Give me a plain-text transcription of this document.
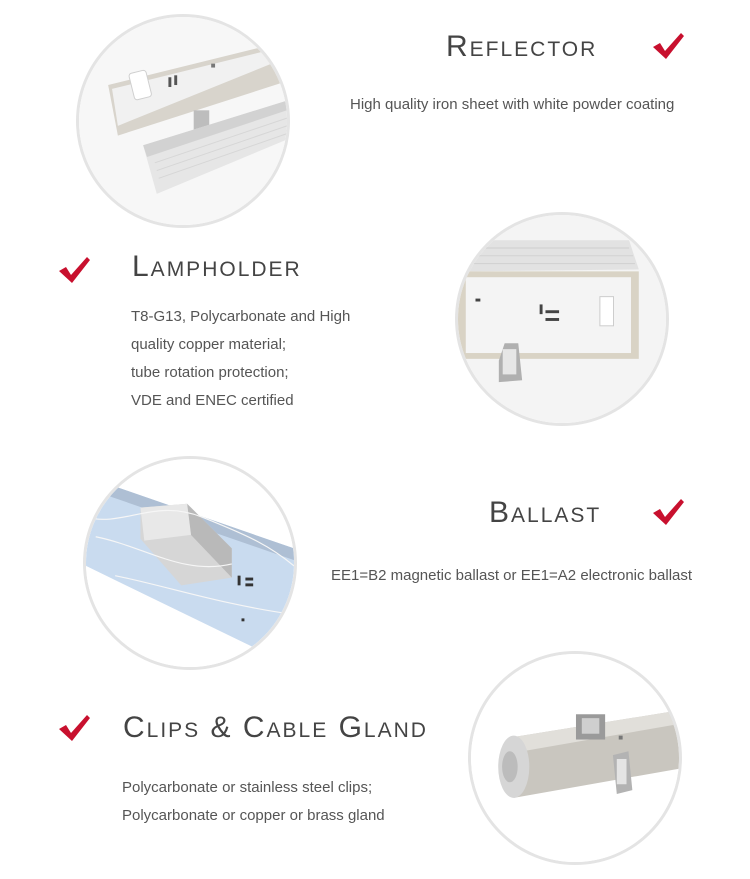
Reflector

High quality iron sheet with white powder coating

Lampholder
T8-G13, Polycarbonate and High
quality copper material;
tube rotation protection;
VDE and ENEC certified
Ballast

EE1=B2 magnetic ballast or EE1=A2 electronic ballast

Clips & Cable Gland
Polycarbonate or stainless steel clips;
Polycarbonate or copper or brass gland
